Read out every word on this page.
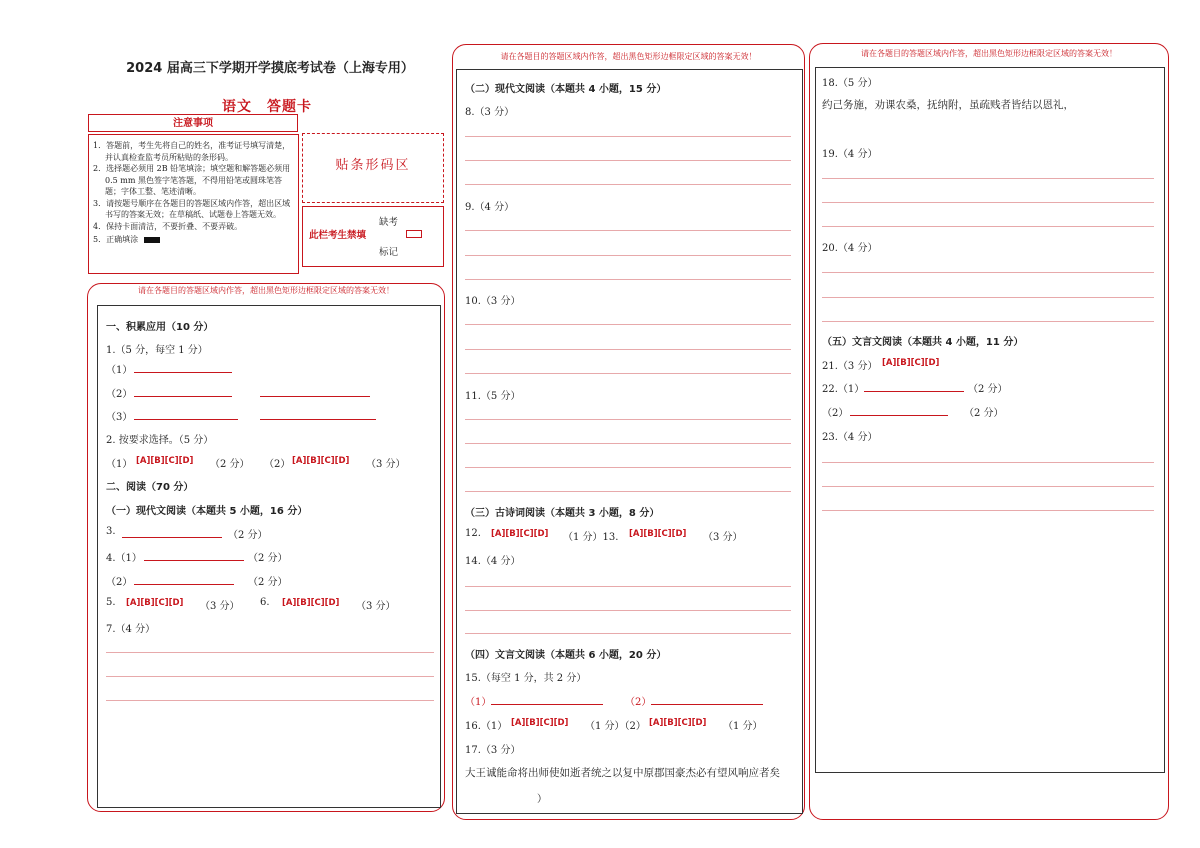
2024 届高三下学期开学摸底考试卷（上海专用）
语文　答题卡
注意事项

1．答题前，考生先将自己的姓名，准考证号填写清楚，并认真检查监考员所粘贴的条形码。

2．选择题必须用 2B 铅笔填涂；填空题和解答题必须用 0.5 mm 黑色签字笔答题，不得用铅笔或圆珠笔答题；字体工整、笔迹清晰。

3．请按题号顺序在各题目的答题区域内作答，超出区域书写的答案无效；在草稿纸、试题卷上答题无效。

4．保持卡面清洁，不要折叠、不要弄破。

5．正确填涂

贴条形码区
此栏考生禁填
缺考
标记
请在各题目的答题区域内作答，超出黑色矩形边框限定区域的答案无效！
一、积累应用（10 分）
1.（5 分，每空 1 分）
（1）
（2）
（3）
2. 按要求选择。（5 分）
（1） [A][B][C][D] （2 分） （2） [A][B][C][D] （3 分）
二、阅读（70 分）
（一）现代文阅读（本题共 5 小题，16 分）
3.	（2 分）
4.（1）	（2 分）
（2）	（2 分）
5. [A][B][C][D] （3 分） 6. [A][B][C][D] （3 分）
7.（4 分）
请在各题目的答题区域内作答，超出黑色矩形边框限定区域的答案无效！
（二）现代文阅读（本题共 4 小题，15 分）
8.（3 分）
9.（4 分）
10.（3 分）
11.（5 分）
（三）古诗词阅读（本题共 3 小题，8 分）
12. [A][B][C][D] （1 分）13. [A][B][C][D] （3 分）
14.（4 分）
（四）文言文阅读（本题共 6 小题，20 分）
15.（每空 1 分，共 2 分）
（1）	（2）
16.（1） [A][B][C][D] （1 分）（2） [A][B][C][D] （1 分）
17.（3 分）
大王诚能命将出师使如逝者统之以复中原郡国豪杰必有望风响应者矣
）
请在各题目的答题区域内作答，超出黑色矩形边框限定区域的答案无效！
18.（5 分）
约己务施，劝课农桑，抚纳附，虽疏贱者皆结以恩礼，
19.（4 分）
20.（4 分）
（五）文言文阅读（本题共 4 小题，11 分）
21.（3 分） [A][B][C][D]
22.（1）	（2 分）
（2）	（2 分）
23.（4 分）
